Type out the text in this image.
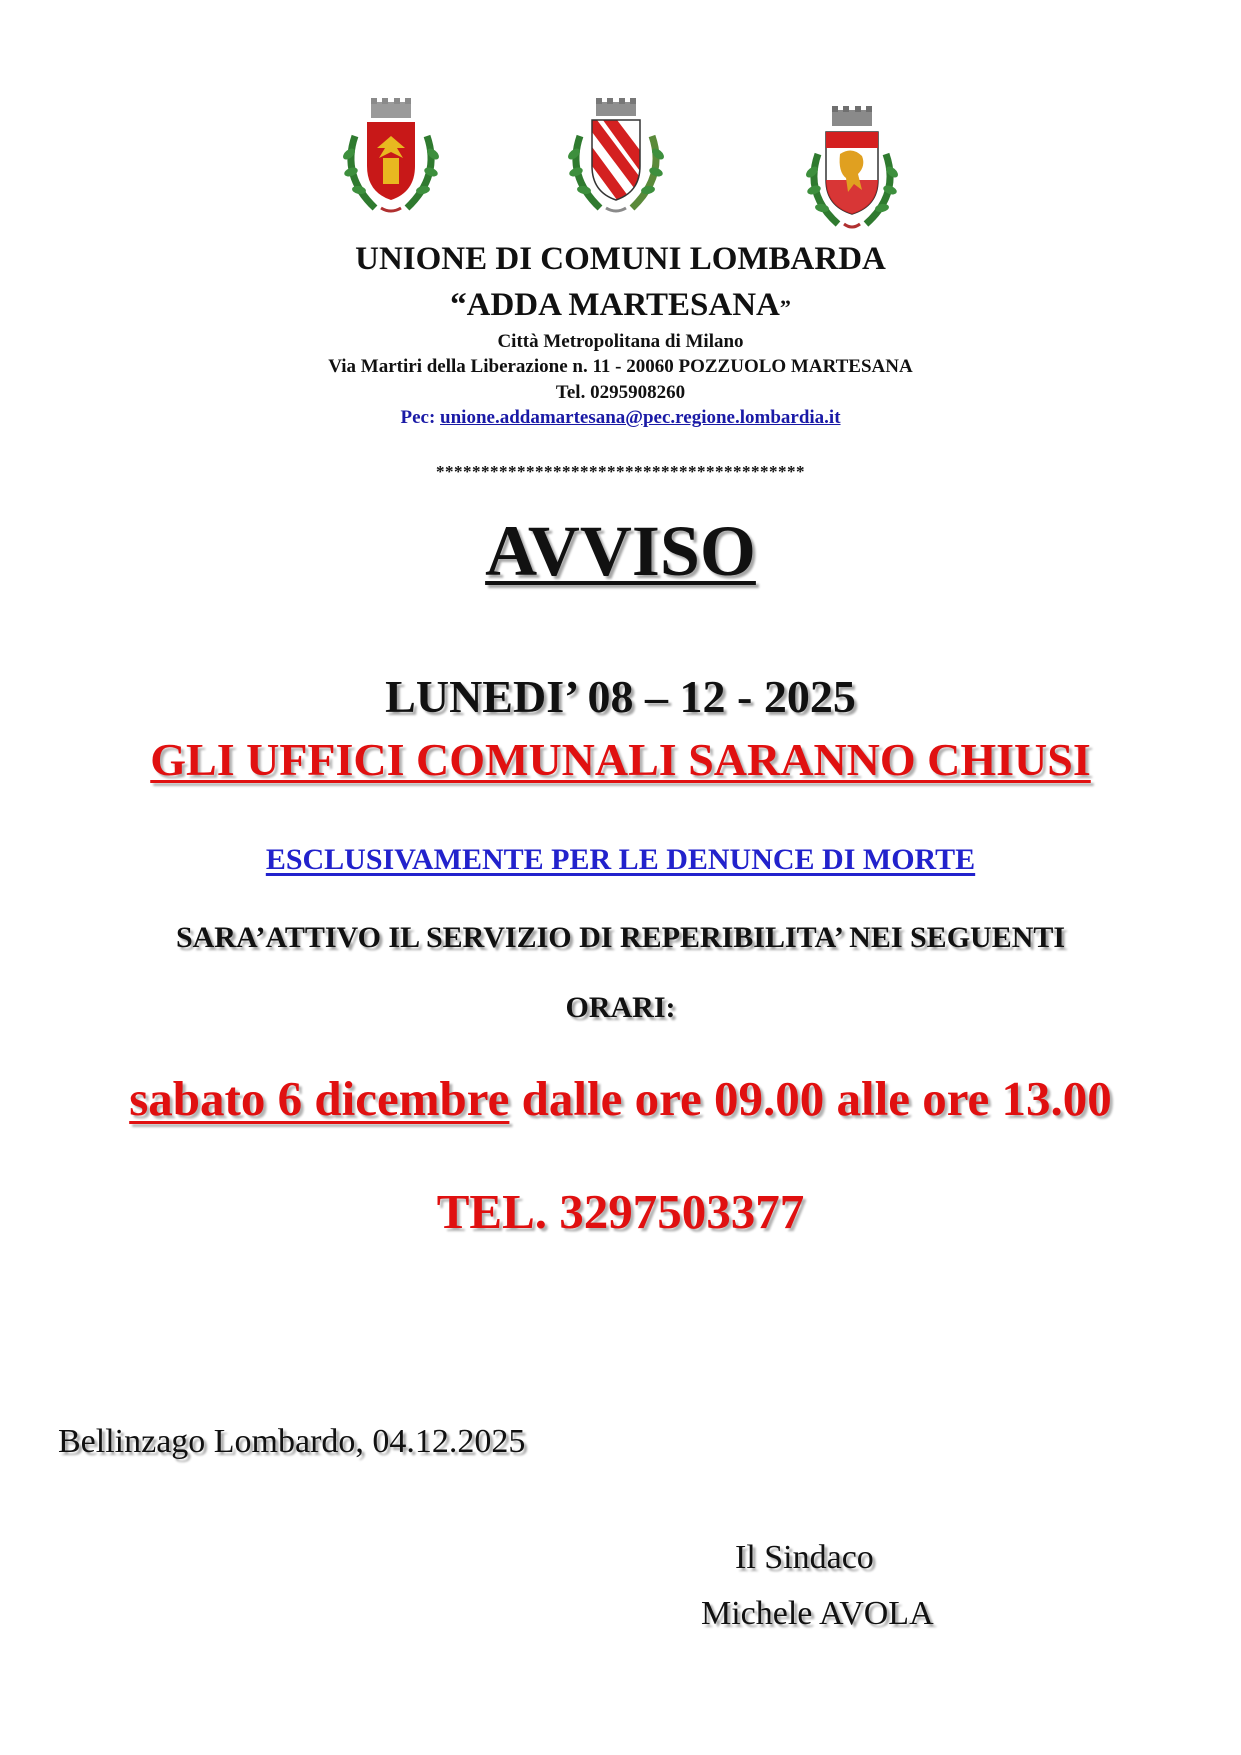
UNIONE DI COMUNI LOMBARDA
“ADDA MARTESANA”
Città Metropolitana di Milano
Via Martiri della Liberazione n. 11 - 20060 POZZUOLO MARTESANA
Tel. 0295908260
Pec: unione.addamartesana@pec.regione.lombardia.it
*****************************************
AVVISO
LUNEDI’ 08 – 12 - 2025
GLI UFFICI COMUNALI SARANNO CHIUSI
ESCLUSIVAMENTE PER LE DENUNCE DI MORTE
SARA’ATTIVO IL SERVIZIO DI REPERIBILITA’ NEI SEGUENTI
ORARI:
sabato 6 dicembre dalle ore 09.00 alle ore 13.00
TEL. 3297503377
Bellinzago Lombardo, 04.12.2025
Il Sindaco
Michele AVOLA
